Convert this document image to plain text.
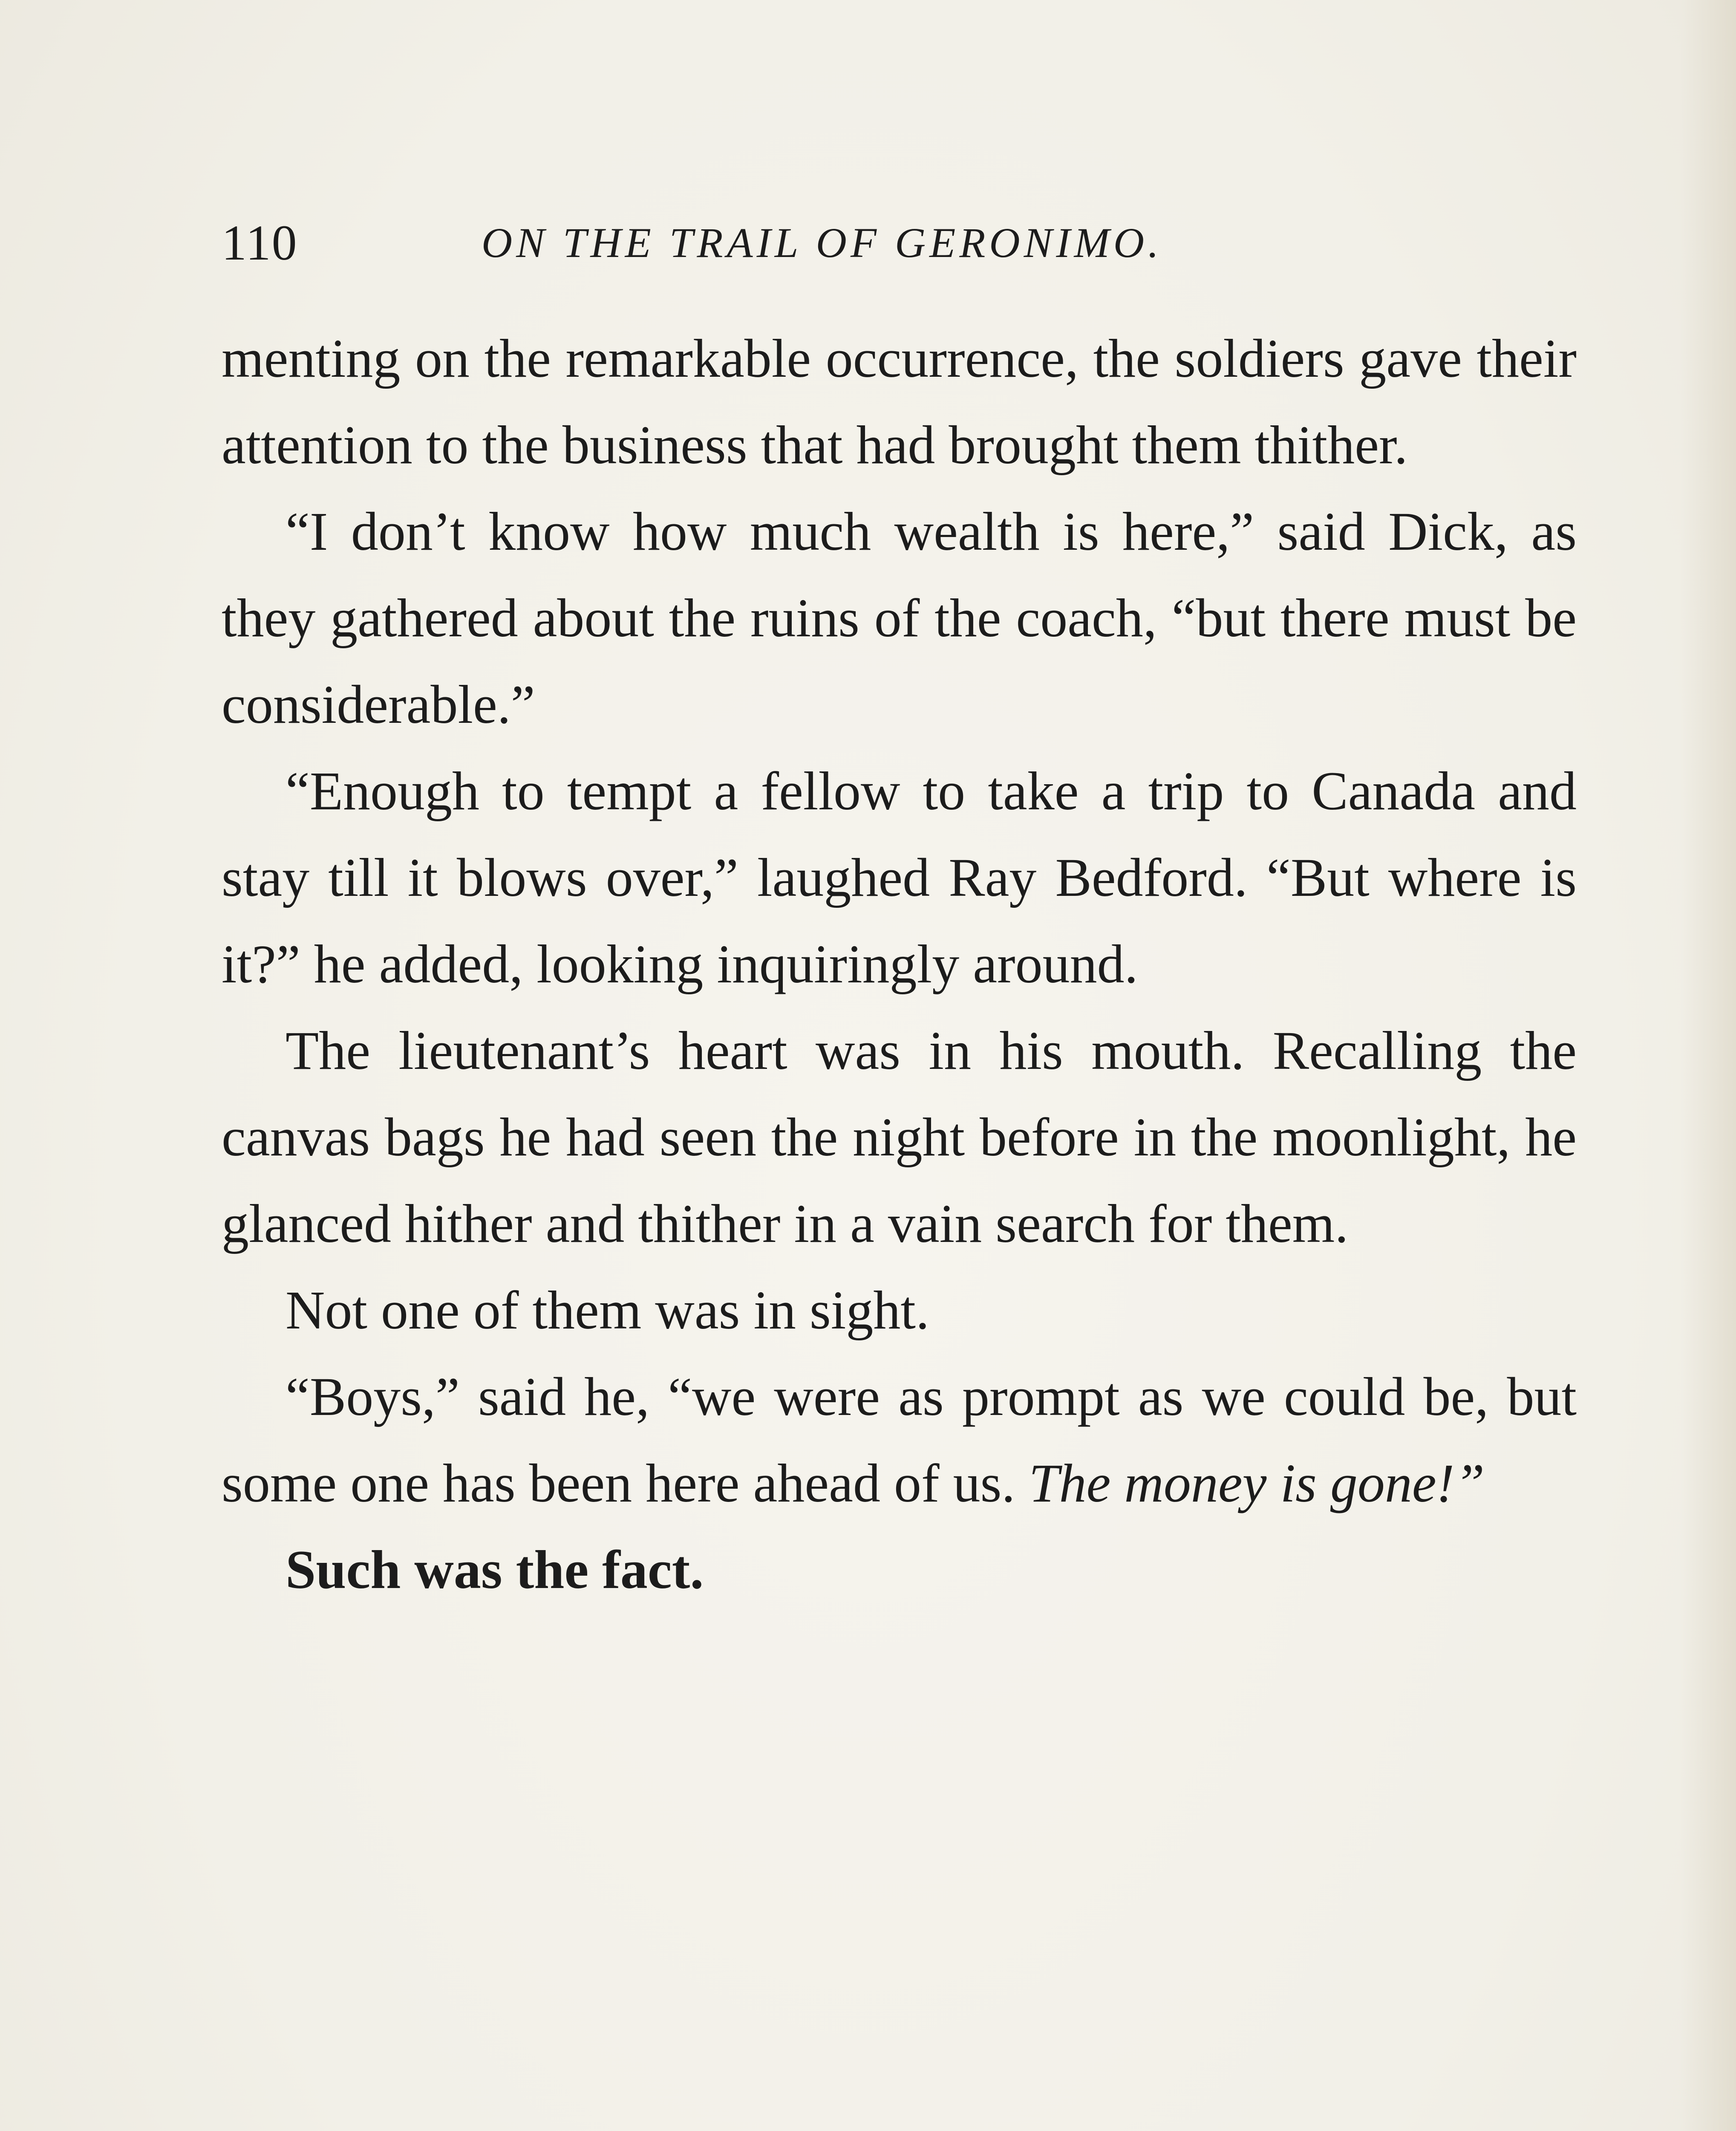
110	ON THE TRAIL OF GERONIMO.

menting on the remarkable occurrence, the soldiers gave their attention to the business that had brought them thither.

“I don’t know how much wealth is here,” said Dick, as they gathered about the ruins of the coach, “but there must be considerable.”

“Enough to tempt a fellow to take a trip to Canada and stay till it blows over,” laughed Ray Bedford. “But where is it?” he added, looking inquiringly around.

The lieutenant’s heart was in his mouth. Recalling the canvas bags he had seen the night before in the moonlight, he glanced hither and thither in a vain search for them.

Not one of them was in sight.

“Boys,” said he, “we were as prompt as we could be, but some one has been here ahead of us. The money is gone!”

Such was the fact.
